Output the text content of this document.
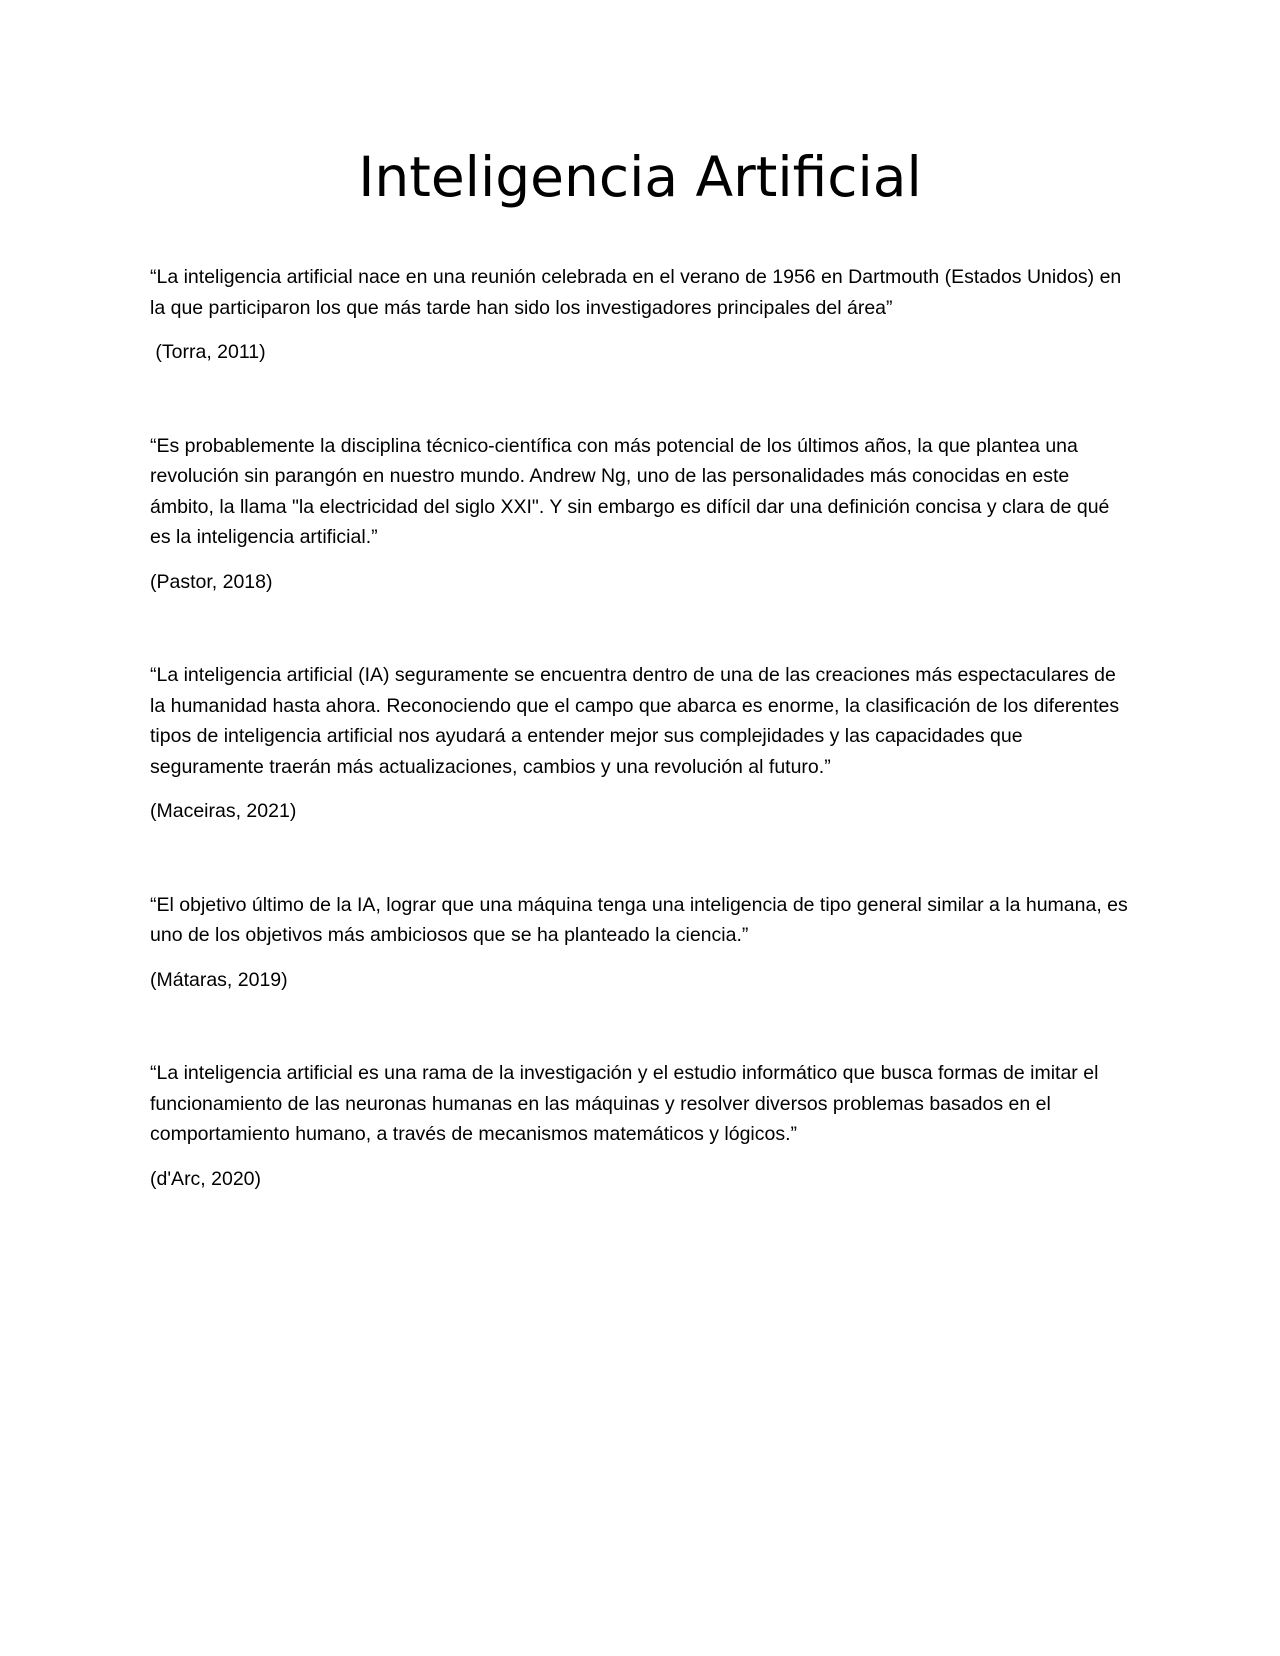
Inteligencia Artificial

“La inteligencia artificial nace en una reunión celebrada en el verano de 1956 en Dartmouth (Estados Unidos) en la que participaron los que más tarde han sido los investigadores principales del área”

(Torra, 2011)

“Es probablemente la disciplina técnico-científica con más potencial de los últimos años, la que plantea una revolución sin parangón en nuestro mundo. Andrew Ng, uno de las personalidades más conocidas en este ámbito, la llama "la electricidad del siglo XXI". Y sin embargo es difícil dar una definición concisa y clara de qué es la inteligencia artificial.”

(Pastor, 2018)

“La inteligencia artificial (IA) seguramente se encuentra dentro de una de las creaciones más espectaculares de la humanidad hasta ahora. Reconociendo que el campo que abarca es enorme, la clasificación de los diferentes tipos de inteligencia artificial nos ayudará a entender mejor sus complejidades y las capacidades que seguramente traerán más actualizaciones, cambios y una revolución al futuro.”

(Maceiras, 2021)

“El objetivo último de la IA, lograr que una máquina tenga una inteligencia de tipo general similar a la humana, es uno de los objetivos más ambiciosos que se ha planteado la ciencia.”

(Mátaras, 2019)

“La inteligencia artificial es una rama de la investigación y el estudio informático que busca formas de imitar el funcionamiento de las neuronas humanas en las máquinas y resolver diversos problemas basados en el comportamiento humano, a través de mecanismos matemáticos y lógicos.”

(d'Arc, 2020)
